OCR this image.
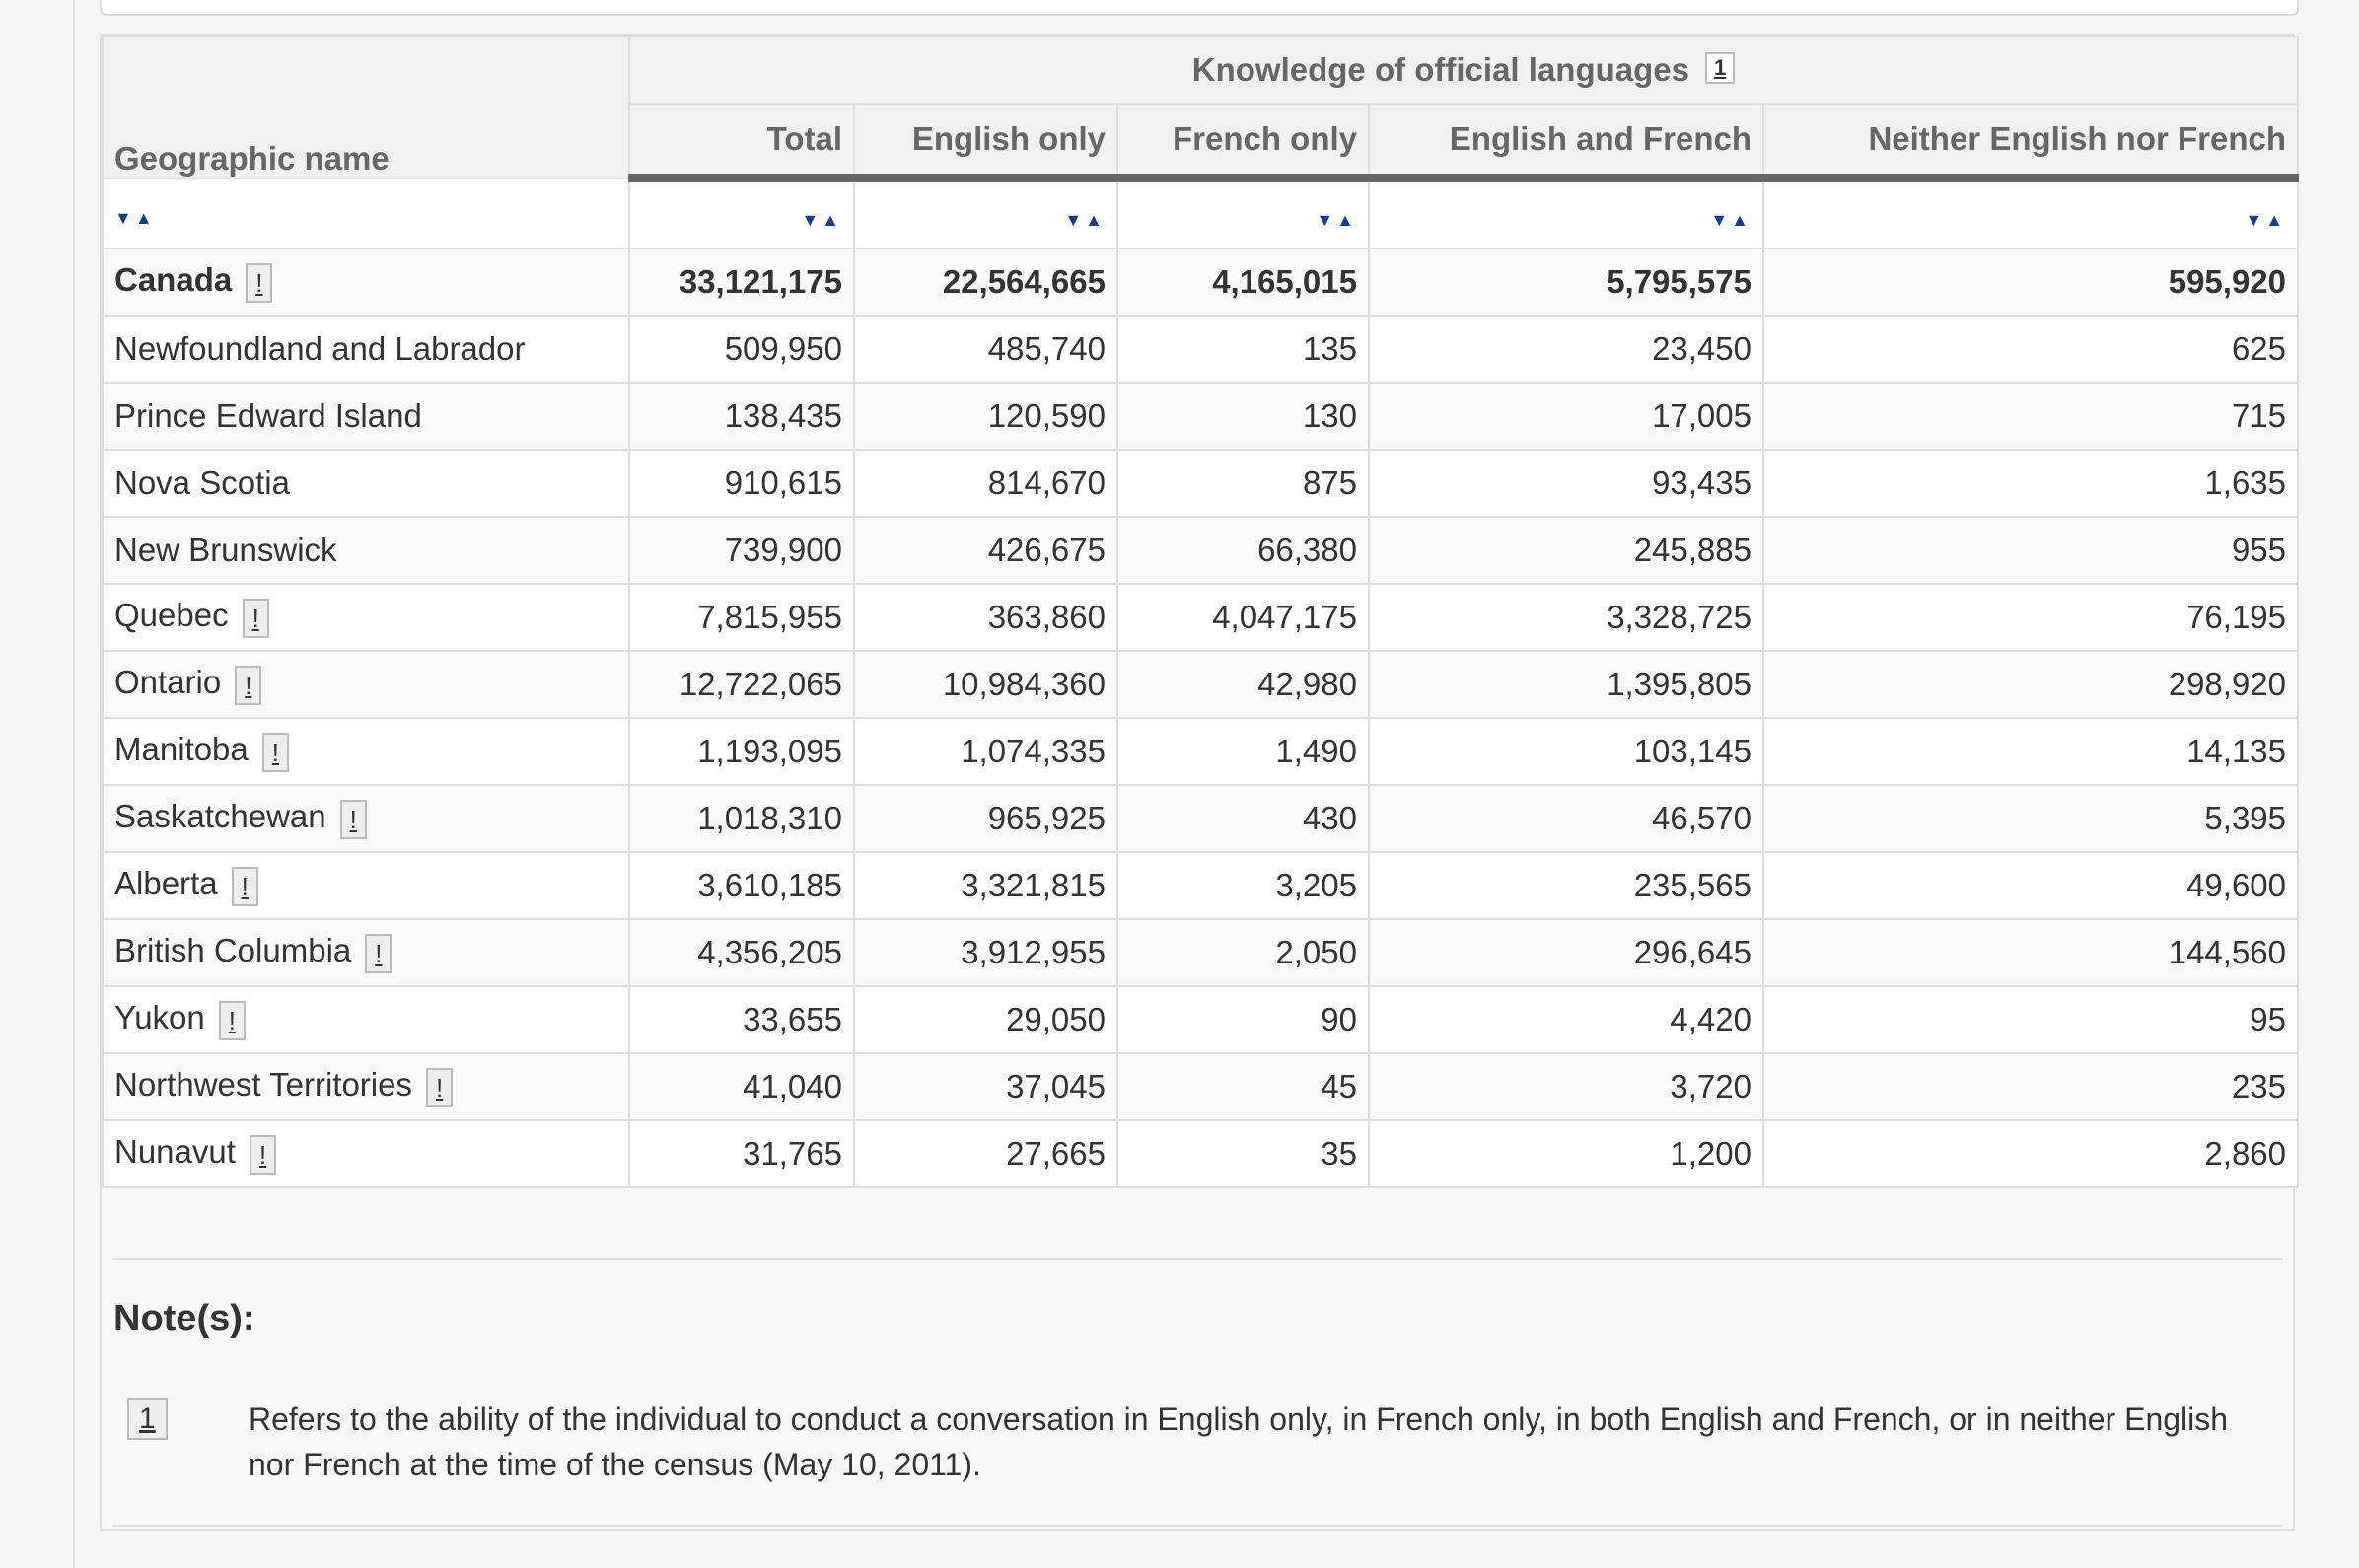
Geographic name	Knowledge of official languages 1				
	Total	English only	French only	English and French	Neither English nor French
▼▲	▼▲	▼▲	▼▲	▼▲	▼▲
Canada !	33,121,175	22,564,665	4,165,015	5,795,575	595,920
Newfoundland and Labrador	509,950	485,740	135	23,450	625
Prince Edward Island	138,435	120,590	130	17,005	715
Nova Scotia	910,615	814,670	875	93,435	1,635
New Brunswick	739,900	426,675	66,380	245,885	955
Quebec !	7,815,955	363,860	4,047,175	3,328,725	76,195
Ontario !	12,722,065	10,984,360	42,980	1,395,805	298,920
Manitoba !	1,193,095	1,074,335	1,490	103,145	14,135
Saskatchewan !	1,018,310	965,925	430	46,570	5,395
Alberta !	3,610,185	3,321,815	3,205	235,565	49,600
British Columbia !	4,356,205	3,912,955	2,050	296,645	144,560
Yukon !	33,655	29,050	90	4,420	95
Northwest Territories !	41,040	37,045	45	3,720	235
Nunavut !	31,765	27,665	35	1,200	2,860
Note(s):
1	Refers to the ability of the individual to conduct a conversation in English only, in French only, in both English and French, or in neither English nor French at the time of the census (May 10, 2011).
